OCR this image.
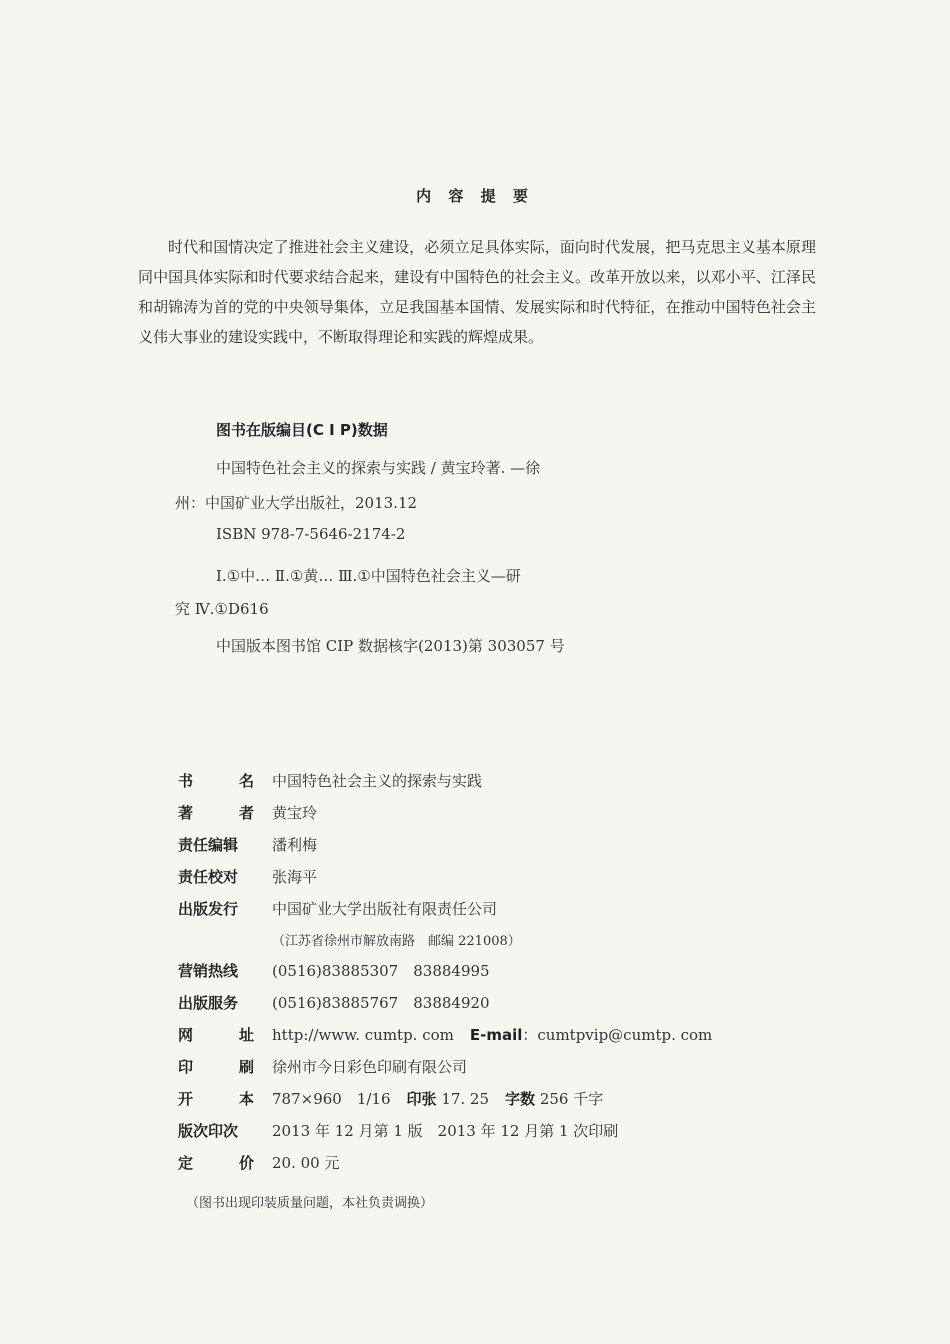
内 容 提 要
时代和国情决定了推进社会主义建设，必须立足具体实际，面向时代发展，把马克思主义基本原理同中国具体实际和时代要求结合起来，建设有中国特色的社会主义。改革开放以来，以邓小平、江泽民和胡锦涛为首的党的中央领导集体，立足我国基本国情、发展实际和时代特征，在推动中国特色社会主义伟大事业的建设实践中，不断取得理论和实践的辉煌成果。
图书在版编目(C I P)数据
中国特色社会主义的探索与实践 / 黄宝玲著. —徐
州：中国矿业大学出版社，2013.12
ISBN 978-7-5646-2174-2
Ⅰ.①中… Ⅱ.①黄… Ⅲ.①中国特色社会主义—研
究 Ⅳ.①D616
中国版本图书馆 CIP 数据核字(2013)第 303057 号
书	名 中国特色社会主义的探索与实践
著	者 黄宝玲
责任编辑	潘利梅
责任校对	张海平
出版发行	中国矿业大学出版社有限责任公司
（江苏省徐州市解放南路　邮编 221008）
营销热线	(0516)83885307　83884995
出版服务	(0516)83885767　83884920
网	址 http://www. cumtp. com E-mail：cumtpvip@cumtp. com
印	刷 徐州市今日彩色印刷有限公司
开	本 787×960　1/16 印张 17. 25 字数 256 千字
版次印次	2013 年 12 月第 1 版　2013 年 12 月第 1 次印刷
定	价 20. 00 元
（图书出现印装质量问题，本社负责调换）
